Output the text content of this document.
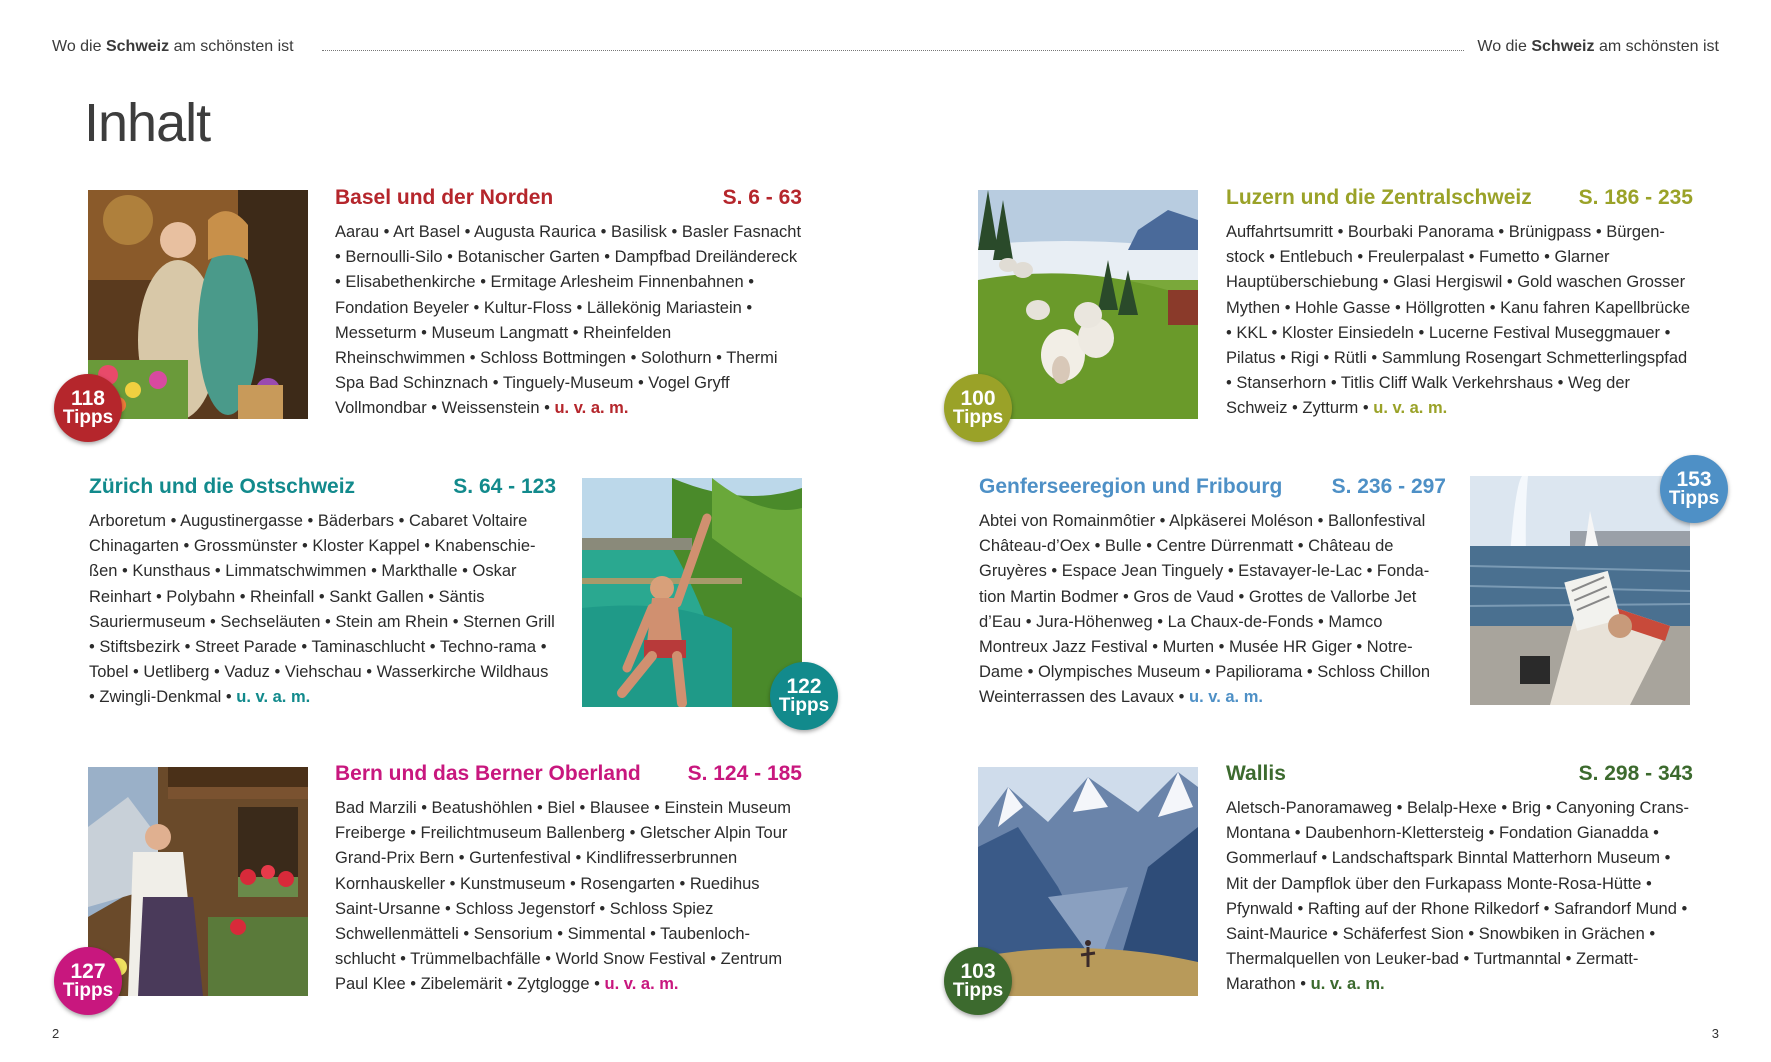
Wo die Schweiz am schönsten ist	Wo die Schweiz am schönsten ist
Inhalt
118
Tipps
Basel und der Norden	S. 6 - 63

Aarau • Art Basel • Augusta Raurica • Basilisk • Basler Fasnacht • Bernoulli-Silo • Botanischer Garten • Dampfbad Dreiländereck • Elisabethenkirche • Ermitage Arlesheim Finnenbahnen • Fondation Beyeler • Kultur-Floss • Lällekönig Mariastein • Messeturm • Museum Langmatt • Rheinfelden Rheinschwimmen • Schloss Bottmingen • Solothurn • Thermi Spa Bad Schinznach • Tinguely-Museum • Vogel Gryff Vollmondbar • Weissenstein • u. v. a. m.

Zürich und die Ostschweiz	S. 64 - 123

Arboretum • Augustinergasse • Bäderbars • Cabaret Voltaire Chinagarten • Grossmünster • Kloster Kappel • Knabenschie-ßen • Kunsthaus • Limmatschwimmen • Markthalle • Oskar Reinhart • Polybahn • Rheinfall • Sankt Gallen • Säntis Sauriermuseum • Sechseläuten • Stein am Rhein • Sternen Grill • Stiftsbezirk • Street Parade • Taminaschlucht • Techno-rama • Tobel • Uetliberg • Vaduz • Viehschau • Wasserkirche Wildhaus • Zwingli-Denkmal • u. v. a. m.	122
Tipps
127
Tipps
Bern und das Berner Oberland S. 124 - 185

Bad Marzili • Beatushöhlen • Biel • Blausee • Einstein Museum Freiberge • Freilichtmuseum Ballenberg • Gletscher Alpin Tour Grand-Prix Bern • Gurtenfestival • Kindlifresserbrunnen Kornhauskeller • Kunstmuseum • Rosengarten • Ruedihus Saint-Ursanne • Schloss Jegenstorf • Schloss Spiez Schwellenmätteli • Sensorium • Simmental • Taubenloch-schlucht • Trümmelbachfälle • World Snow Festival • Zentrum Paul Klee • Zibelemärit • Zytglogge • u. v. a. m.

100
Tipps
Luzern und die Zentralschweiz S. 186 - 235

Auffahrtsumritt • Bourbaki Panorama • Brünigpass • Bürgen-stock • Entlebuch • Freulerpalast • Fumetto • Glarner Hauptüberschiebung • Glasi Hergiswil • Gold waschen Grosser Mythen • Hohle Gasse • Höllgrotten • Kanu fahren Kapellbrücke • KKL • Kloster Einsiedeln • Lucerne Festival Museggmauer • Pilatus • Rigi • Rütli • Sammlung Rosengart Schmetterlingspfad • Stanserhorn • Titlis Cliff Walk Verkehrshaus • Weg der Schweiz • Zytturm • u. v. a. m.

Genferseeregion und Fribourg S. 236 - 297

Abtei von Romainmôtier • Alpkäserei Moléson • Ballonfestival Château-d’Oex • Bulle • Centre Dürrenmatt • Château de Gruyères • Espace Jean Tinguely • Estavayer-le-Lac • Fonda-tion Martin Bodmer • Gros de Vaud • Grottes de Vallorbe Jet d’Eau • Jura-Höhenweg • La Chaux-de-Fonds • Mamco Montreux Jazz Festival • Murten • Musée HR Giger • Notre-Dame • Olympisches Museum • Papiliorama • Schloss Chillon Weinterrassen des Lavaux • u. v. a. m.

153
Tipps
103
Tipps
Wallis	S. 298 - 343

Aletsch-Panoramaweg • Belalp-Hexe • Brig • Canyoning Crans-Montana • Daubenhorn-Klettersteig • Fondation Gianadda • Gommerlauf • Landschaftspark Binntal Matterhorn Museum • Mit der Dampflok über den Furkapass Monte-Rosa-Hütte • Pfynwald • Rafting auf der Rhone Rilkedorf • Safrandorf Mund • Saint-Maurice • Schäferfest Sion • Snowbiken in Grächen • Thermalquellen von Leuker-bad • Turtmanntal • Zermatt-Marathon • u. v. a. m.

2	3
